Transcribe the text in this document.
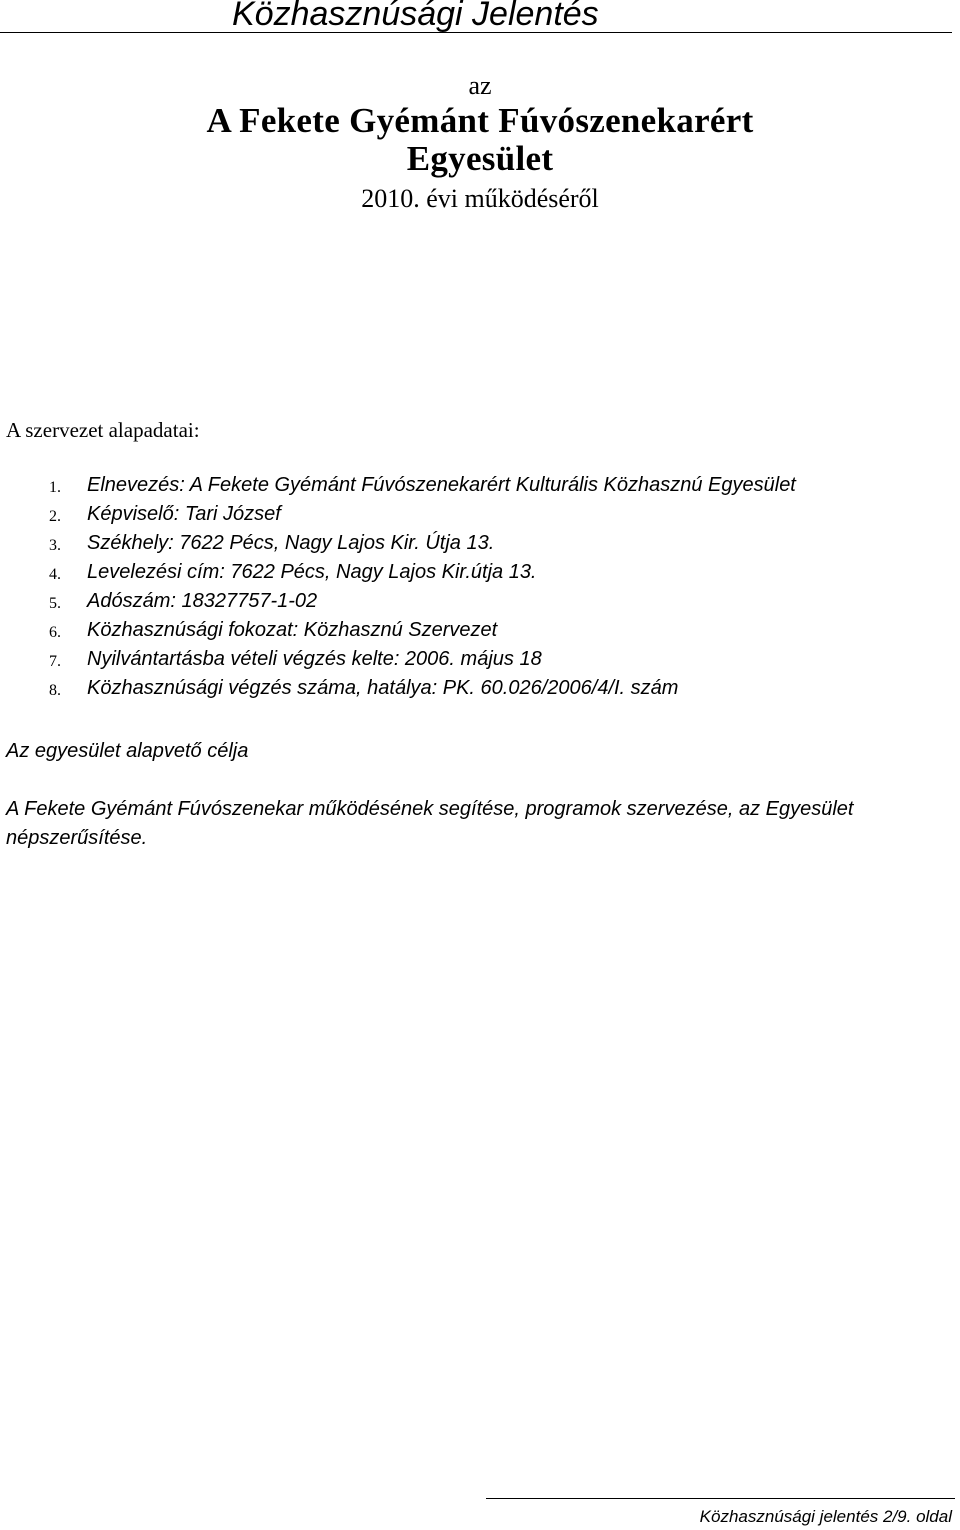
Közhasznúsági Jelentés
az
A Fekete Gyémánt Fúvószenekarért
Egyesület
2010. évi működéséről
A szervezet alapadatai:
1. Elnevezés: A Fekete Gyémánt Fúvószenekarért Kulturális Közhasznú Egyesület
2. Képviselő: Tari József
3. Székhely: 7622 Pécs, Nagy Lajos Kir. Útja 13.
4. Levelezési cím: 7622 Pécs, Nagy Lajos Kir.útja 13.
5. Adószám: 18327757-1-02
6. Közhasznúsági fokozat: Közhasznú Szervezet
7. Nyilvántartásba vételi végzés kelte: 2006. május 18
8. Közhasznúsági végzés száma, hatálya: PK. 60.026/2006/4/I. szám
Az egyesület alapvető célja
A Fekete Gyémánt Fúvószenekar működésének segítése, programok szervezése, az Egyesület népszerűsítése.
Közhasznúsági jelentés 2/9. oldal
